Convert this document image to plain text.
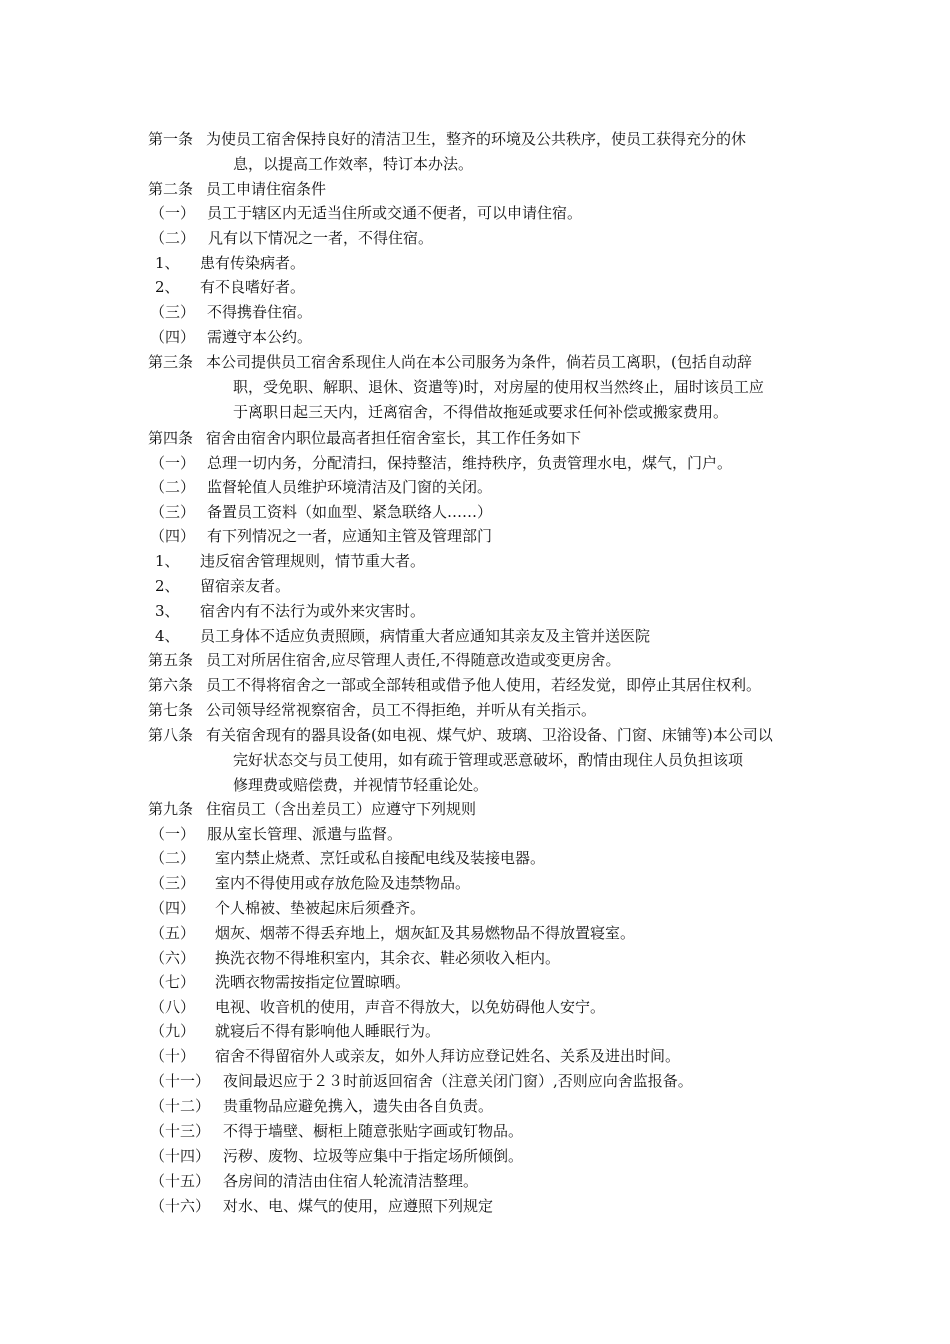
第一条 为使员工宿舍保持良好的清洁卫生，整齐的环境及公共秩序，使员工获得充分的休
息，以提高工作效率，特订本办法。
第二条 员工申请住宿条件
（一） 员工于辖区内无适当住所或交通不便者，可以申请住宿。
（二） 凡有以下情况之一者，不得住宿。
1、 患有传染病者。
2、 有不良嗜好者。
（三） 不得携眷住宿。
（四） 需遵守本公约。
第三条 本公司提供员工宿舍系现住人尚在本公司服务为条件，倘若员工离职，(包括自动辞
职，受免职、解职、退休、资遣等)时，对房屋的使用权当然终止，届时该员工应
于离职日起三天内，迁离宿舍，不得借故拖延或要求任何补偿或搬家费用。
第四条 宿舍由宿舍内职位最高者担任宿舍室长，其工作任务如下
（一） 总理一切内务，分配清扫，保持整洁，维持秩序，负责管理水电，煤气，门户。
（二） 监督轮值人员维护环境清洁及门窗的关闭。
（三） 备置员工资料（如血型、紧急联络人……）
（四） 有下列情况之一者，应通知主管及管理部门
1、 违反宿舍管理规则，情节重大者。
2、 留宿亲友者。
3、 宿舍内有不法行为或外来灾害时。
4、 员工身体不适应负责照顾，病情重大者应通知其亲友及主管并送医院
第五条 员工对所居住宿舍,应尽管理人责任,不得随意改造或变更房舍。
第六条 员工不得将宿舍之一部或全部转租或借予他人使用，若经发觉，即停止其居住权利。
第七条 公司领导经常视察宿舍，员工不得拒绝，并听从有关指示。
第八条 有关宿舍现有的器具设备(如电视、煤气炉、玻璃、卫浴设备、门窗、床铺等)本公司以
完好状态交与员工使用，如有疏于管理或恶意破坏，酌情由现住人员负担该项
修理费或赔偿费，并视情节轻重论处。
第九条 住宿员工（含出差员工）应遵守下列规则
（一） 服从室长管理、派遣与监督。
（二） 室内禁止烧煮、烹饪或私自接配电线及装接电器。
（三） 室内不得使用或存放危险及违禁物品。
（四） 个人棉被、垫被起床后须叠齐。
（五） 烟灰、烟蒂不得丢弃地上，烟灰缸及其易燃物品不得放置寝室。
（六） 换洗衣物不得堆积室内，其余衣、鞋必须收入柜内。
（七） 洗晒衣物需按指定位置晾晒。
（八） 电视、收音机的使用，声音不得放大，以免妨碍他人安宁。
（九） 就寝后不得有影响他人睡眠行为。
（十） 宿舍不得留宿外人或亲友，如外人拜访应登记姓名、关系及进出时间。
（十一） 夜间最迟应于２３时前返回宿舍（注意关闭门窗）,否则应向舍监报备。
（十二） 贵重物品应避免携入，遗失由各自负责。
（十三） 不得于墙壁、橱柜上随意张贴字画或钉物品。
（十四） 污秽、废物、垃圾等应集中于指定场所倾倒。
（十五） 各房间的清洁由住宿人轮流清洁整理。
（十六） 对水、电、煤气的使用，应遵照下列规定
